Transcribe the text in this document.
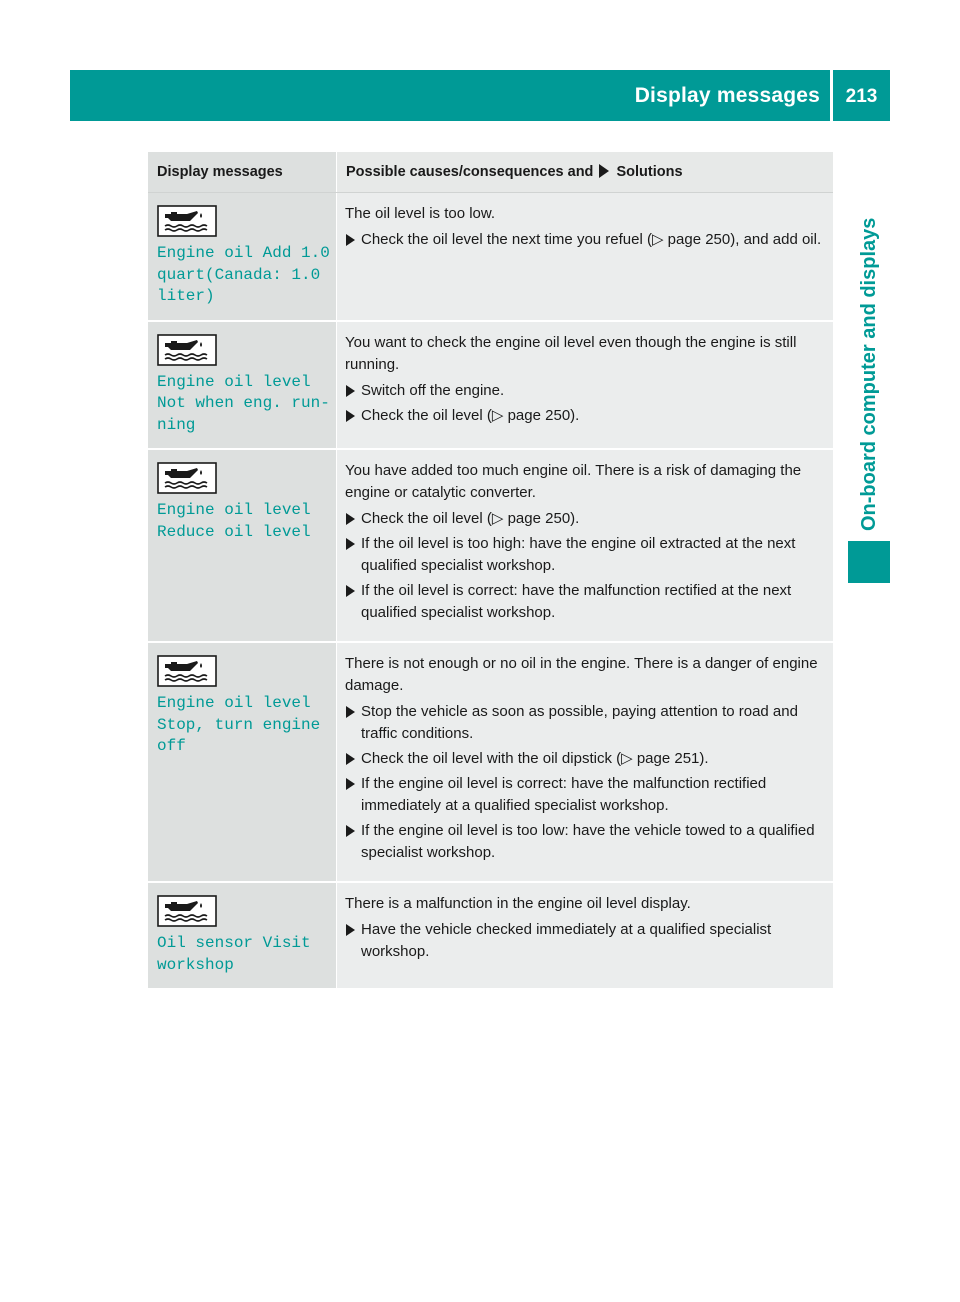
Display messages	213
On-board computer and displays
Display messages	Possible causes/consequences and Solutions
Engine oil Add 1.0
quart(Canada: 1.0
liter)

The oil level is too low.

Check the oil level the next time you refuel (▷ page 250), and add oil.

Engine oil level
Not when eng. run‐
ning

You want to check the engine oil level even though the engine is still running.

Switch off the engine.

Check the oil level (▷ page 250).

Engine oil level
Reduce oil level

You have added too much engine oil. There is a risk of damaging the engine or catalytic converter.

Check the oil level (▷ page 250).

If the oil level is too high: have the engine oil extracted at the next qualified specialist workshop.

If the oil level is correct: have the malfunction rectified at the next qualified specialist workshop.

Engine oil level
Stop, turn engine
off

There is not enough or no oil in the engine. There is a danger of engine damage.

Stop the vehicle as soon as possible, paying attention to road and traffic conditions.

Check the oil level with the oil dipstick (▷ page 251).

If the engine oil level is correct: have the malfunction rectified immediately at a qualified specialist workshop.

If the engine oil level is too low: have the vehicle towed to a qualified specialist workshop.

Oil sensor Visit
workshop

There is a malfunction in the engine oil level display.

Have the vehicle checked immediately at a qualified specialist workshop.
